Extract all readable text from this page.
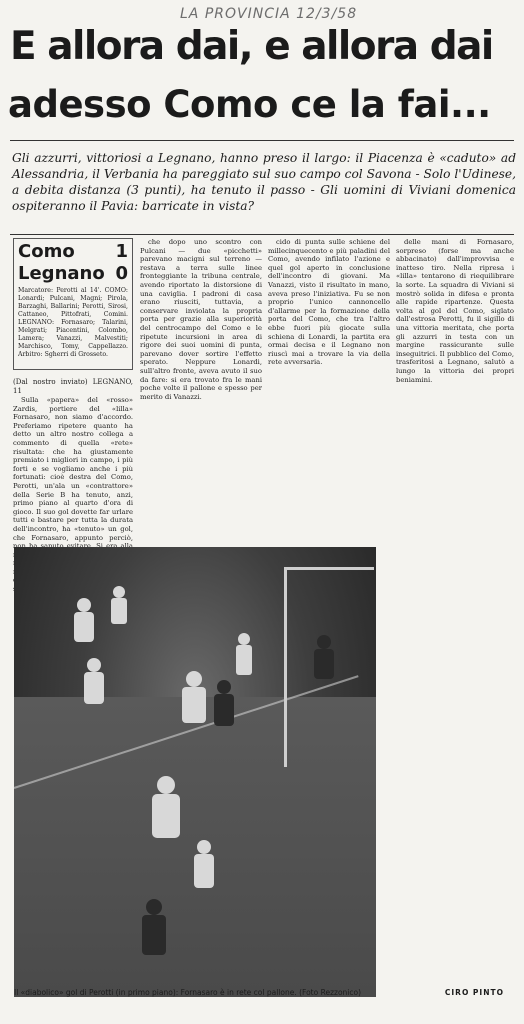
LA PROVINCIA 12/3/58
E allora dai, e allora dai
adesso Como ce la fai...
Gli azzurri, vittoriosi a Legnano, hanno preso il largo: il Piacenza è «caduto» ad Alessandria, il Verbania ha pareggiato sul suo campo col Savona - Solo l'Udinese, a debita distanza (3 punti), ha tenuto il passo - Gli uomini di Viviani domenica ospiteranno il Pavia: barricate in vista?
Como 1
Legnano 0
Marcatore: Perotti al 14'. COMO: Lonardi; Pulcani, Magni; Pirola, Barzaghi, Ballarini; Perotti, Sirosi, Cattaneo, Pittofrati, Comini. LEGNANO: Fornasaro; Talarini, Melgrati; Piacentini, Colombo, Lamera; Vanazzi, Malvestiti; Marchisco, Tomy, Cappellazzo. Arbitro: Sgherri di Grosseto.
(Dal nostro inviato) LEGNANO, 11

Sulla «papera» del «rosso» Zardis, portiere del «lilla» Fornasaro, non siamo d'accordo. Preferiamo ripetere quanto ha detto un altro nostro collega a commento di quella «rete» risultata: che ha giustamente premiato i migliori in campo, i più forti e se vogliamo anche i più fortunati: cioè destra del Como, Perotti, un'ala un «contrattore» della Serie B ha tenuto, anzi, primo piano al quarto d'ora di gioco. Il suo gol dovette far urlare tutti e bastare per tutta la durata dell'incontro, ha «tenuto» un gol, che Fornasaro, appunto perciò,

che dopo uno scontro con Pulcani — due «picchetti» parevano macigni sul terreno — restava a terra sulle linee fronteggiante la tribuna centrale, avendo riportato la distorsione di una caviglia. I padroni di casa erano riusciti, tuttavia, a conservare inviolata la propria porta per grazie alla superiorità del centrocampo del Como e le ripetute incursioni in area di rigore dei suoi uomini di punta, parevano dover sortire l'effetto sperato. Neppure Lonardi, sull'altro fronte, aveva avuto il suo da fare: si era trovato fra le mani poche volte il pallone e spesso per merito di Vanazzi.

cido di punta sulle schiene del millecinquecento e più paladini del Como, avendo infilato l'azione e quel gol aperto in conclusione dell'incontro di giovani. Ma Vanazzi, visto il risultato in mano, aveva preso l'iniziativa. Fu se non proprio l'unico cannoncello d'allarme per la formazione della porta del Como, che tra l'altro ebbe fuori più giocate sulla schiena di Lonardi, la partita era ormai decisa e il Legnano non riuscì mai a trovare la via della rete avversaria.

delle mani di Fornasaro, sorpreso (forse ma anche abbacinato) dall'improvvisa e inatteso tiro. Nella ripresa i «lilla» tentarono di riequilibrare la sorte. La squadra di Viviani si mostrò solida in difesa e pronta alle rapide ripartenze. Questa volta al gol del Como, siglato dall'estrosa Perotti, fu il sigillo di una vittoria meritata, che porta gli azzurri in testa con un margine rassicurante sulle inseguitrici. Il pubblico del Como, trasferitosi a Legnano, salutò a lungo la vittoria dei propri beniamini.

Il «diabolico» gol di Perotti (in primo piano): Fornasaro è in rete col pallone. (Foto Rezzonico)	CIRO PINTO
